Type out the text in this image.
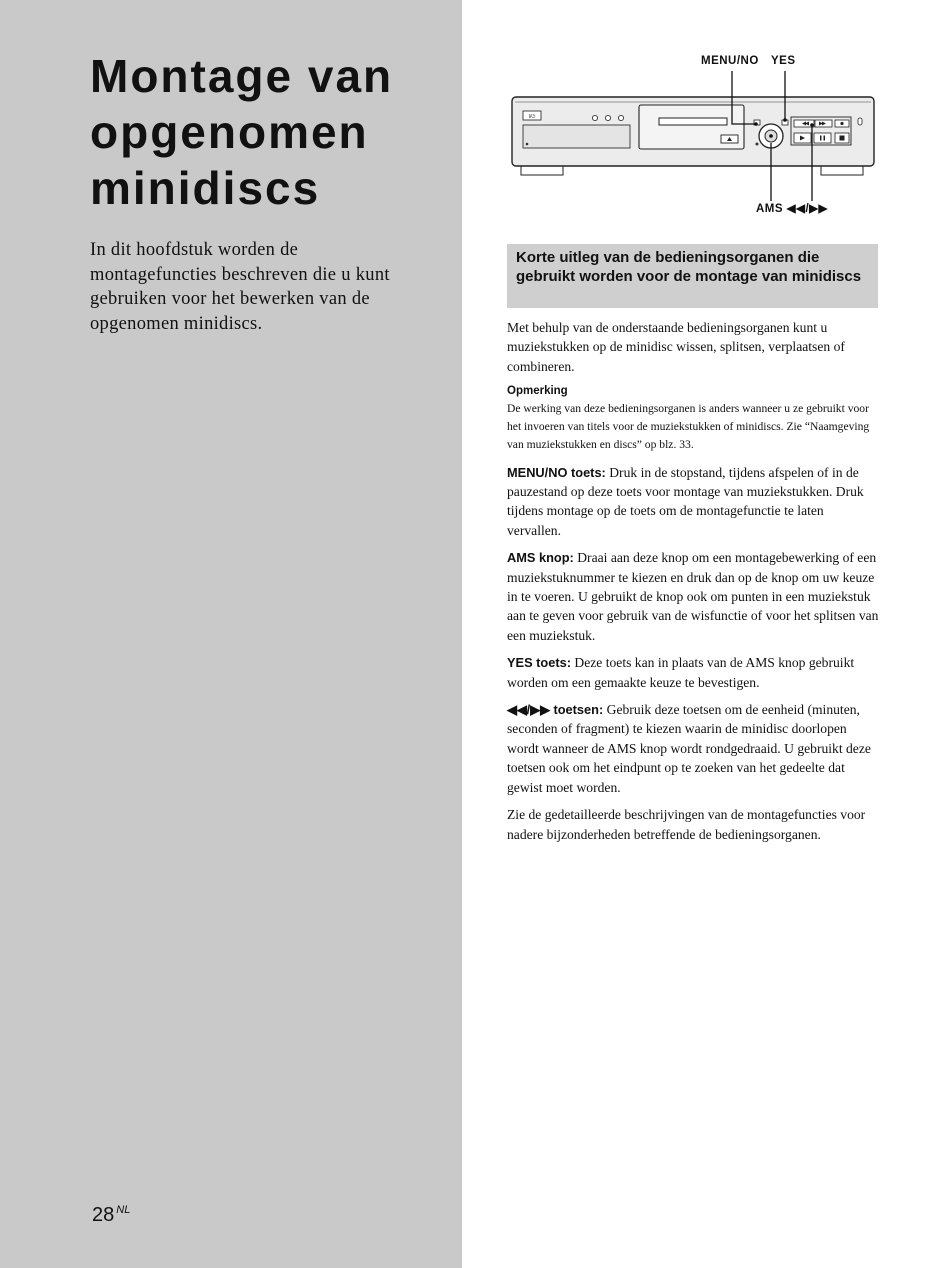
Montage van
opgenomen
minidiscs

In dit hoofdstuk worden de montagefuncties beschreven die u kunt gebruiken voor het bewerken van de opgenomen minidiscs.

28 $^{NL}$
MENU/NO YES
AMS ◀◀/▶▶
I/⏻
Korte uitleg van de bedieningsorganen die gebruikt worden voor de montage van minidiscs

Met behulp van de onderstaande bedieningsorganen kunt u muziekstukken op de minidisc wissen, splitsen, verplaatsen of combineren.

Opmerking

De werking van deze bedieningsorganen is anders wanneer u ze gebruikt voor het invoeren van titels voor de muziekstukken of minidiscs. Zie “Naamgeving van muziekstukken en discs” op blz. 33.

MENU/NO toets: Druk in de stopstand, tijdens afspelen of in de pauzestand op deze toets voor montage van muziekstukken. Druk tijdens montage op de toets om de montagefunctie te laten vervallen.

AMS knop: Draai aan deze knop om een montagebewerking of een muziekstuknummer te kiezen en druk dan op de knop om uw keuze in te voeren. U gebruikt de knop ook om punten in een muziekstuk aan te geven voor gebruik van de wisfunctie of voor het splitsen van een muziekstuk.

YES toets: Deze toets kan in plaats van de AMS knop gebruikt worden om een gemaakte keuze te bevestigen.

◀◀/▶▶ toetsen: Gebruik deze toetsen om de eenheid (minuten, seconden of fragment) te kiezen waarin de minidisc doorlopen wordt wanneer de AMS knop wordt rondgedraaid. U gebruikt deze toetsen ook om het eindpunt op te zoeken van het gedeelte dat gewist moet worden.

Zie de gedetailleerde beschrijvingen van de montagefuncties voor nadere bijzonderheden betreffende de bedieningsorganen.
